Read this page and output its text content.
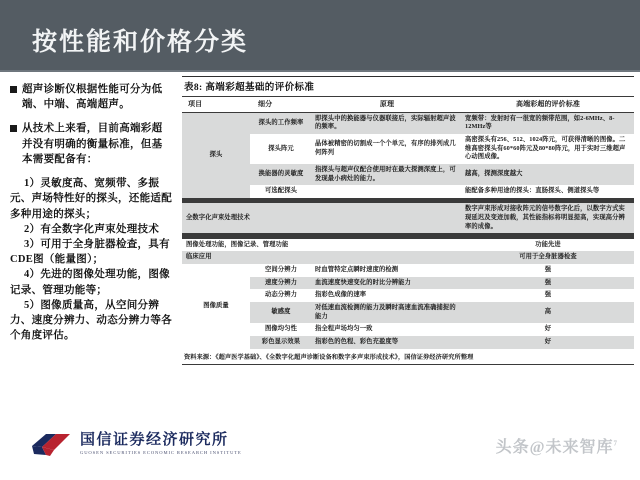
按性能和价格分类
超声诊断仪根据性能可分为低端、中端、高端超声。
从技术上来看，目前高端彩超并没有明确的衡量标准，但基本需要配备有：
1）灵敏度高、宽频带、多振元、声场特性好的探头，还能适配多种用途的探头；
2）有全数字化声束处理技术
3）可用于全身脏器检查，具有CDE图（能量图）；
4）先进的图像处理功能，图像记录、管理功能等；
5）图像质量高，从空间分辨力、速度分辨力、动态分辨力等各个角度评估。
表8: 高端彩超基础的评价标准
项目	细分	原理	高端彩超的评价标准
探头	探头的工作频率	即探头中的换能器与仪器联接后，实际辐射超声波的频率。	宽频带：发射时有一很宽的频带范围，如2-6MHz、8-12MHz等
	探头阵元	晶体被精密的切割成一个个单元，有序的排列成几何阵列	高密探头有256、512、1024阵元，可获得清晰的图像。二维高密探头有60*60阵元及80*80阵元，用于实时三维超声心动图成像。
	换能器的灵敏度	指探头与超声仪配合使用时在最大探测深度上，可发现最小病灶的能力。	越高，探测深度越大
	可选配探头		能配备多种用途的探头：直肠探头、侧道探头等

全数字化声束处理技术			数字声束形成对接收阵元的信号数字化后，以数字方式实现延迟及变迹加载，其性能指标将明显提高，实现高分辨率的成像。

图像处理功能，图像记录、管理功能			功能先进
临床应用			可用于全身脏器检查
图像质量	空间分辨力	时血管特定点瞬时速度的检测	强
	速度分辨力	血流速度快速变化的时比分辨能力	强
	动态分辨力	指彩色成像的速率	强
	敏感度	对低速血流检测的能力及瞬时高速血流准确捕捉的能力	高
	图像均匀性	指全程声场均匀一致	好
	彩色显示效果	指彩色的色程、彩色充盈度等	好
资料来源：《超声医学基础》、《全数字化超声诊断设备和数字多声束形成技术》，国信证券经济研究所整理
国信证券经济研究所
GUOSEN SECURITIES ECONOMIC RESEARCH INSTITUTE	头条@未来智库$^7$
